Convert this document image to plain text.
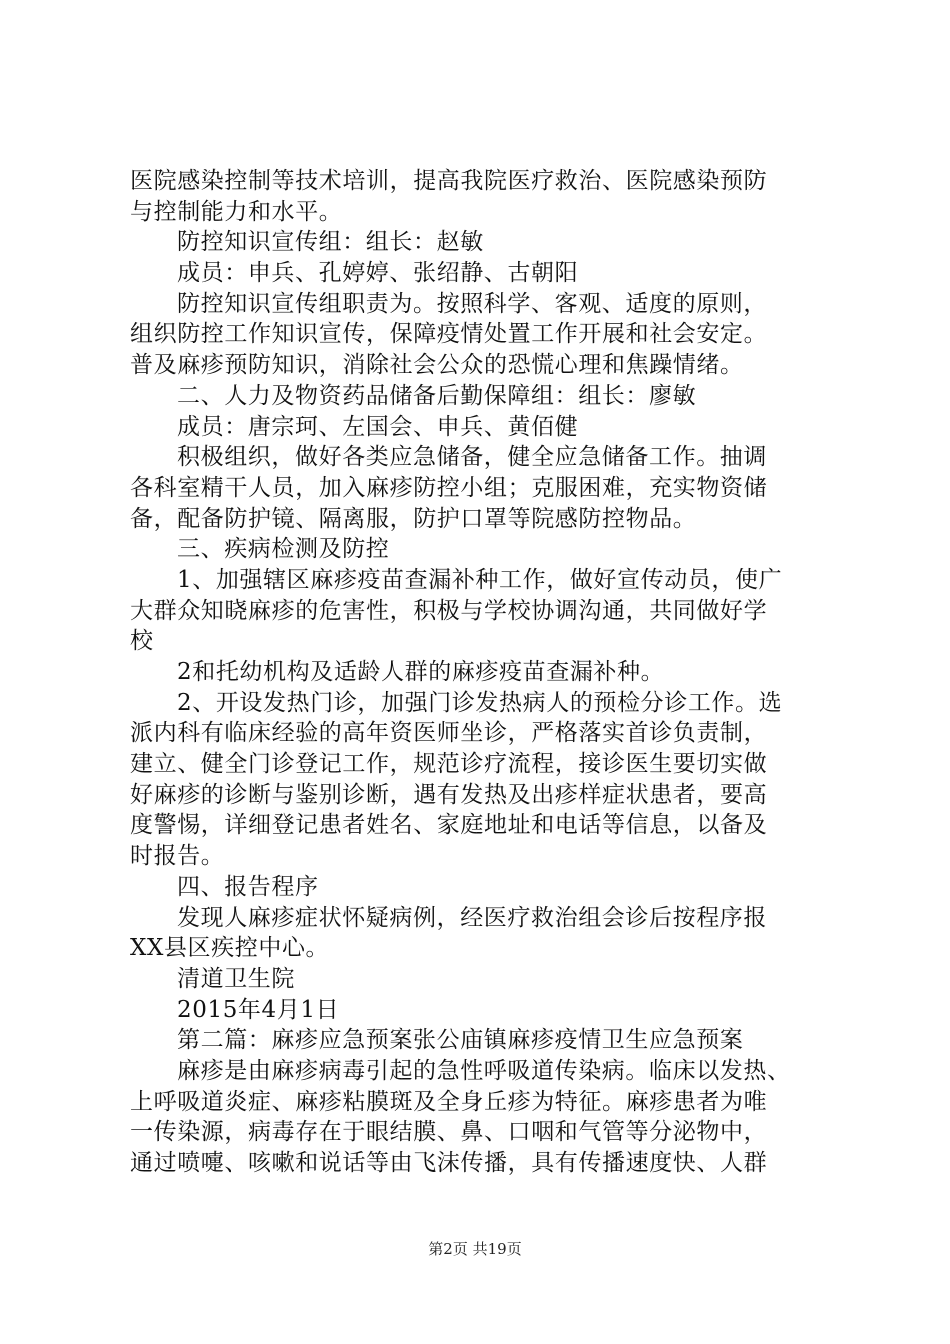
医院感染控制等技术培训，提高我院医疗救治、医院感染预防
与控制能力和水平。
防控知识宣传组：组长：赵敏
成员：申兵、孔婷婷、张绍静、古朝阳
防控知识宣传组职责为。按照科学、客观、适度的原则，
组织防控工作知识宣传，保障疫情处置工作开展和社会安定。
普及麻疹预防知识，消除社会公众的恐慌心理和焦躁情绪。
二、人力及物资药品储备后勤保障组：组长：廖敏
成员：唐宗珂、左国会、申兵、黄佰健
积极组织，做好各类应急储备，健全应急储备工作。抽调
各科室精干人员，加入麻疹防控小组；克服困难，充实物资储
备，配备防护镜、隔离服，防护口罩等院感防控物品。
三、疾病检测及防控
1、加强辖区麻疹疫苗查漏补种工作，做好宣传动员，使广
大群众知晓麻疹的危害性，积极与学校协调沟通，共同做好学
校
2和托幼机构及适龄人群的麻疹疫苗查漏补种。
2、开设发热门诊，加强门诊发热病人的预检分诊工作。选
派内科有临床经验的高年资医师坐诊，严格落实首诊负责制，
建立、健全门诊登记工作，规范诊疗流程，接诊医生要切实做
好麻疹的诊断与鉴别诊断，遇有发热及出疹样症状患者，要高
度警惕，详细登记患者姓名、家庭地址和电话等信息，以备及
时报告。
四、报告程序
发现人麻疹症状怀疑病例，经医疗救治组会诊后按程序报
XX县区疾控中心。
清道卫生院
2015年4月1日
第二篇：麻疹应急预案张公庙镇麻疹疫情卫生应急预案
麻疹是由麻疹病毒引起的急性呼吸道传染病。临床以发热、
上呼吸道炎症、麻疹粘膜斑及全身丘疹为特征。麻疹患者为唯
一传染源，病毒存在于眼结膜、鼻、口咽和气管等分泌物中，
通过喷嚏、咳嗽和说话等由飞沫传播，具有传播速度快、人群
第2页 共19页
